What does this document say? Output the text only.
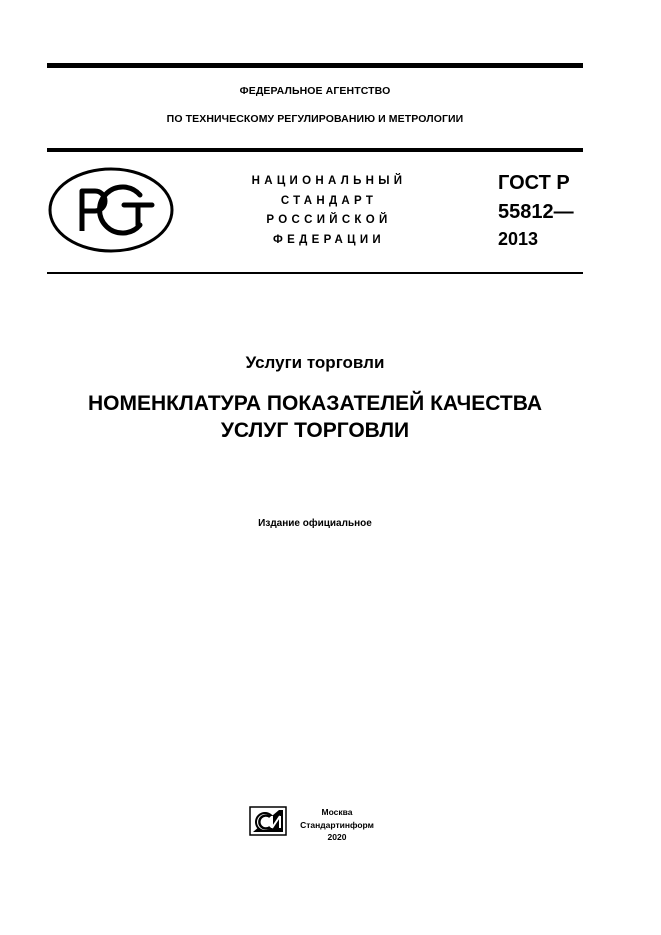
ФЕДЕРАЛЬНОЕ АГЕНТСТВО
ПО ТЕХНИЧЕСКОМУ РЕГУЛИРОВАНИЮ И МЕТРОЛОГИИ
НАЦИОНАЛЬНЫЙ
СТАНДАРТ
РОССИЙСКОЙ
ФЕДЕРАЦИИ
ГОСТ Р
55812—
2013
Услуги торговли
НОМЕНКЛАТУРА ПОКАЗАТЕЛЕЙ КАЧЕСТВА
УСЛУГ ТОРГОВЛИ
Издание официальное
Москва
Стандартинформ
2020
